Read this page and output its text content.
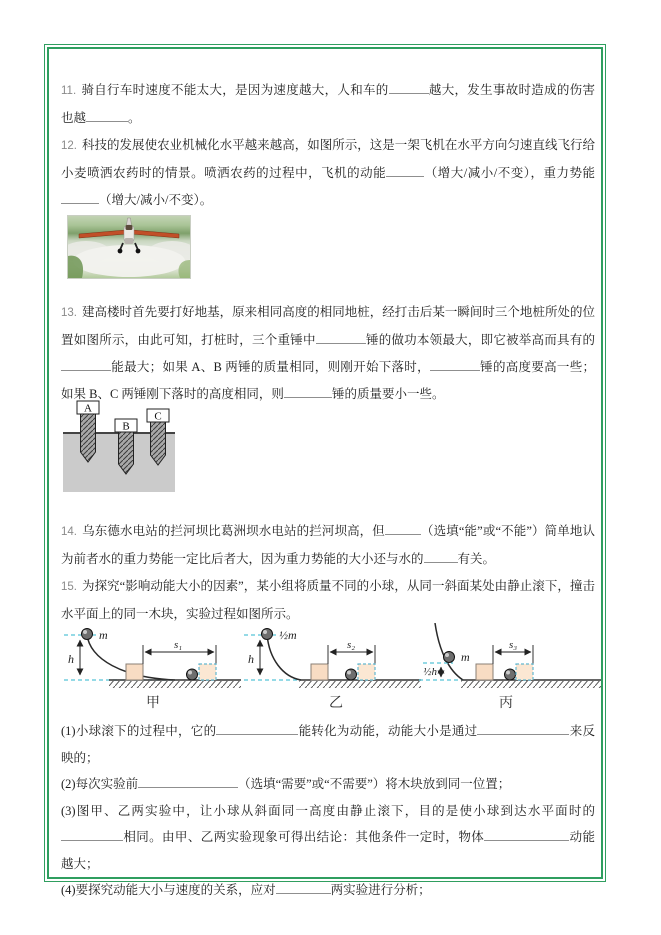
11. 骑自行车时速度不能太大，是因为速度越大，人和车的	越大，发生事故时造成的伤害也越	。

12. 科技的发展使农业机械化水平越来越高，如图所示，这是一架飞机在水平方向匀速直线飞行给小麦喷洒农药时的情景。喷洒农药的过程中，飞机的动能	（增大/减小/不变），重力势能（增大/减小/不变）。

13. 建高楼时首先要打好地基，原来相同高度的相同地桩，经打击后某一瞬间时三个地桩所处的位置如图所示，由此可知，打桩时，三个重锤中	锤的做功本领最大，即它被举高而具有的能最大；如果 A、B 两锤的质量相同，则刚开始下落时，	锤的高度要高一些；如果 B、C 两锤刚下落时的高度相同，则	锤的质量要小一些。

A
B
C

14. 乌东德水电站的拦河坝比葛洲坝水电站的拦河坝高，但	（选填“能”或“不能”）简单地认为前者水的重力势能一定比后者大，因为重力势能的大小还与水的	有关。

15. 为探究“影响动能大小的因素”，某小组将质量不同的小球，从同一斜面某处由静止滚下，撞击水平面上的同一木块，实验过程如图所示。

h
m
s₁
甲
h
½m
s₂
乙
½h
m
s₃
丙

(1)小球滚下的过程中，它的	能转化为动能，动能大小是通过	来反映的；

(2)每次实验前	（选填“需要”或“不需要”）将木块放到同一位置；

(3)图甲、乙两实验中，让小球从斜面同一高度由静止滚下，目的是使小球到达水平面时的相同。由甲、乙两实验现象可得出结论：其他条件一定时，物体	动能越大；

(4)要探究动能大小与速度的关系，应对	两实验进行分析；
